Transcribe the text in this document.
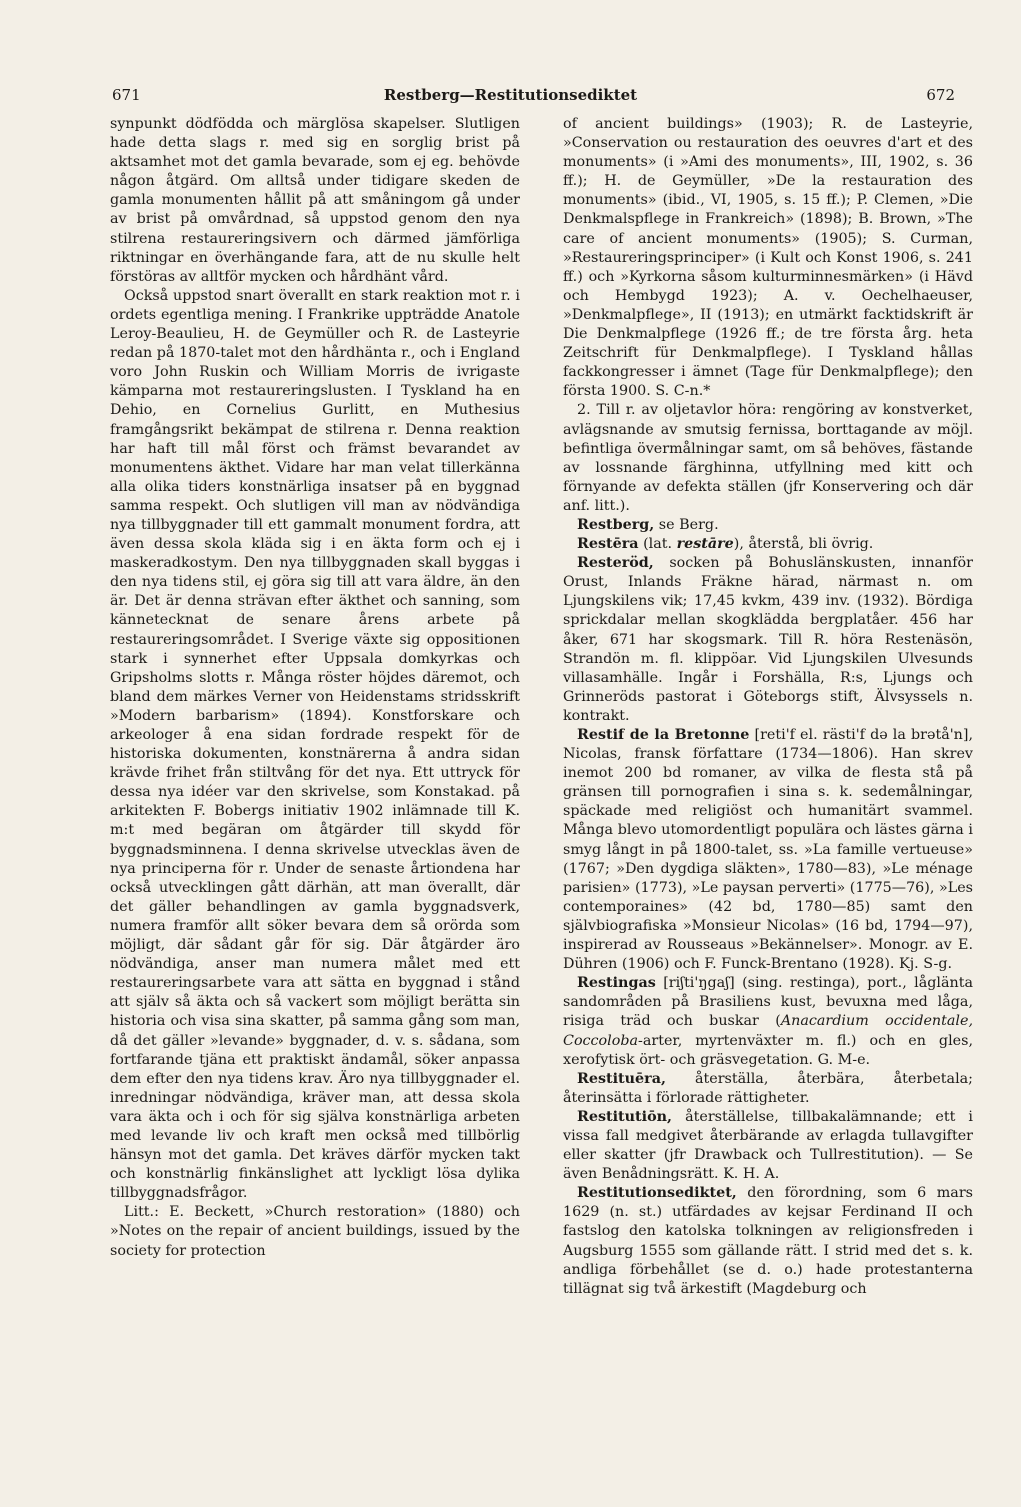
671	Restberg—Restitutionsediktet	672

synpunkt dödfödda och märglösa skapelser. Slutligen hade detta slags r. med sig en sorglig brist på aktsamhet mot det gamla bevarade, som ej eg. behövde någon åtgärd. Om alltså under tidigare skeden de gamla monumenten hållit på att småningom gå under av brist på omvårdnad, så uppstod genom den nya stilrena restaureringsivern och därmed jämförliga riktningar en överhängande fara, att de nu skulle helt förstöras av alltför mycken och hårdhänt vård.

Också uppstod snart överallt en stark reaktion mot r. i ordets egentliga mening. I Frankrike uppträdde Anatole Leroy-Beaulieu, H. de Geymüller och R. de Lasteyrie redan på 1870-talet mot den hårdhänta r., och i England voro John Ruskin och William Morris de ivrigaste kämparna mot restaureringslusten. I Tyskland ha en Dehio, en Cornelius Gurlitt, en Muthesius framgångsrikt bekämpat de stilrena r. Denna reaktion har haft till mål först och främst bevarandet av monumentens äkthet. Vidare har man velat tillerkänna alla olika tiders konstnärliga insatser på en byggnad samma respekt. Och slutligen vill man av nödvändiga nya tillbyggnader till ett gammalt monument fordra, att även dessa skola kläda sig i en äkta form och ej i maskeradkostym. Den nya tillbyggnaden skall byggas i den nya tidens stil, ej göra sig till att vara äldre, än den är. Det är denna strävan efter äkthet och sanning, som kännetecknat de senare årens arbete på restaureringsområdet. I Sverige växte sig oppositionen stark i synnerhet efter Uppsala domkyrkas och Gripsholms slotts r. Många röster höjdes däremot, och bland dem märkes Verner von Heidenstams stridsskrift »Modern barbarism» (1894). Konstforskare och arkeologer å ena sidan fordrade respekt för de historiska dokumenten, konstnärerna å andra sidan krävde frihet från stiltvång för det nya. Ett uttryck för dessa nya idéer var den skrivelse, som Konstakad. på arkitekten F. Bobergs initiativ 1902 inlämnade till K. m:t med begäran om åtgärder till skydd för byggnadsminnena. I denna skrivelse utvecklas även de nya principerna för r. Under de senaste årtiondena har också utvecklingen gått därhän, att man överallt, där det gäller behandlingen av gamla byggnadsverk, numera framför allt söker bevara dem så orörda som möjligt, där sådant går för sig. Där åtgärder äro nödvändiga, anser man numera målet med ett restaureringsarbete vara att sätta en byggnad i stånd att själv så äkta och så vackert som möjligt berätta sin historia och visa sina skatter, på samma gång som man, då det gäller »levande» byggnader, d. v. s. sådana, som fortfarande tjäna ett praktiskt ändamål, söker anpassa dem efter den nya tidens krav. Äro nya tillbyggnader el. inredningar nödvändiga, kräver man, att dessa skola vara äkta och i och för sig själva konstnärliga arbeten med levande liv och kraft men också med tillbörlig hänsyn mot det gamla. Det kräves därför mycken takt och konstnärlig finkänslighet att lyckligt lösa dylika tillbyggnadsfrågor.

Litt.: E. Beckett, »Church restoration» (1880) och »Notes on the repair of ancient buildings, issued by the society for protection

of ancient buildings» (1903); R. de Lasteyrie, »Conservation ou restauration des oeuvres d'art et des monuments» (i »Ami des monuments», III, 1902, s. 36 ff.); H. de Geymüller, »De la restauration des monuments» (ibid., VI, 1905, s. 15 ff.); P. Clemen, »Die Denkmalspflege in Frankreich» (1898); B. Brown, »The care of ancient monuments» (1905); S. Curman, »Restaureringsprinciper» (i Kult och Konst 1906, s. 241 ff.) och »Kyrkorna såsom kulturminnesmärken» (i Hävd och Hembygd 1923); A. v. Oechelhaeuser, »Denkmalpflege», II (1913); en utmärkt facktidskrift är Die Denkmalpflege (1926 ff.; de tre första årg. heta Zeitschrift für Denkmalpflege). I Tyskland hållas fackkongresser i ämnet (Tage für Denkmalpflege); den första 1900. S. C-n.*

2. Till r. av oljetavlor höra: rengöring av konstverket, avlägsnande av smutsig fernissa, borttagande av möjl. befintliga övermålningar samt, om så behöves, fästande av lossnande färghinna, utfyllning med kitt och förnyande av defekta ställen (jfr Konservering och där anf. litt.).

Restberg, se Berg.

Restēra (lat. restāre), återstå, bli övrig.

Resteröd, socken på Bohuslänskusten, innanför Orust, Inlands Fräkne härad, närmast n. om Ljungskilens vik; 17,45 kvkm, 439 inv. (1932). Bördiga sprickdalar mellan skogklädda bergplatåer. 456 har åker, 671 har skogsmark. Till R. höra Restenäsön, Strandön m. fl. klippöar. Vid Ljungskilen Ulvesunds villasamhälle. Ingår i Forshälla, R:s, Ljungs och Grinneröds pastorat i Göteborgs stift, Älvsyssels n. kontrakt.

Restif de la Bretonne [reti'f el. rästi'f də la brətå'n], Nicolas, fransk författare (1734—1806). Han skrev inemot 200 bd romaner, av vilka de flesta stå på gränsen till pornografien i sina s. k. sedemålningar, späckade med religiöst och humanitärt svammel. Många blevo utomordentligt populära och lästes gärna i smyg långt in på 1800-talet, ss. »La famille vertueuse» (1767; »Den dygdiga släkten», 1780—83), »Le ménage parisien» (1773), »Le paysan perverti» (1775—76), »Les contemporaines» (42 bd, 1780—85) samt den självbiografiska »Monsieur Nicolas» (16 bd, 1794—97), inspirerad av Rousseaus »Bekännelser». Monogr. av E. Dühren (1906) och F. Funck-Brentano (1928). Kj. S-g.

Restingas [riʃti'ŋgaʃ] (sing. restinga), port., låglänta sandområden på Brasiliens kust, bevuxna med låga, risiga träd och buskar (Anacardium occidentale, Coccoloba-arter, myrtenväxter m. fl.) och en gles, xerofytisk ört- och gräsvegetation. G. M-e.

Restituēra, återställa, återbära, återbetala; återinsätta i förlorade rättigheter.

Restitutiōn, återställelse, tillbakalämnande; ett i vissa fall medgivet återbärande av erlagda tullavgifter eller skatter (jfr Drawback och Tullrestitution). — Se även Benådningsrätt. K. H. A.

Restitutionsediktet, den förordning, som 6 mars 1629 (n. st.) utfärdades av kejsar Ferdinand II och fastslog den katolska tolkningen av religionsfreden i Augsburg 1555 som gällande rätt. I strid med det s. k. andliga förbehållet (se d. o.) hade protestanterna tillägnat sig två ärkestift (Magdeburg och
